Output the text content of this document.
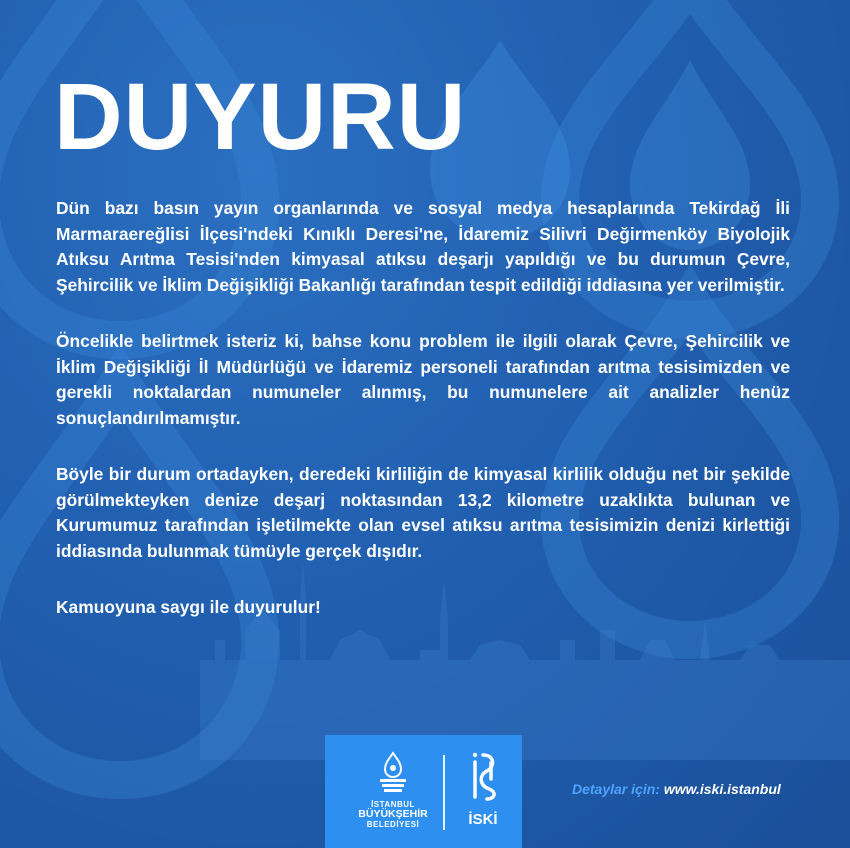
DUYURU

Dün bazı basın yayın organlarında ve sosyal medya hesaplarında Tekirdağ İli Marmaraereğlisi İlçesi'ndeki Kınıklı Deresi'ne, İdaremiz Silivri Değirmenköy Biyolojik Atıksu Arıtma Tesisi'nden kimyasal atıksu deşarjı yapıldığı ve bu durumun Çevre, Şehircilik ve İklim Değişikliği Bakanlığı tarafından tespit edildiği iddiasına yer verilmiştir.

Öncelikle belirtmek isteriz ki, bahse konu problem ile ilgili olarak Çevre, Şehircilik ve İklim Değişikliği İl Müdürlüğü ve İdaremiz personeli tarafından arıtma tesisimizden ve gerekli noktalardan numuneler alınmış, bu numunelere ait analizler henüz sonuçlandırılmamıştır.

Böyle bir durum ortadayken, deredeki kirliliğin de kimyasal kirlilik olduğu net bir şekilde görülmekteyken denize deşarj noktasından 13,2 kilometre uzaklıkta bulunan ve Kurumumuz tarafından işletilmekte olan evsel atıksu arıtma tesisimizin denizi kirlettiği iddiasında bulunmak tümüyle gerçek dışıdır.

Kamuoyuna saygı ile duyurulur!

İSTANBUL
BÜYÜKŞEHİR
BELEDİYESİ	İSKİ
Detaylar için: www.iski.istanbul
